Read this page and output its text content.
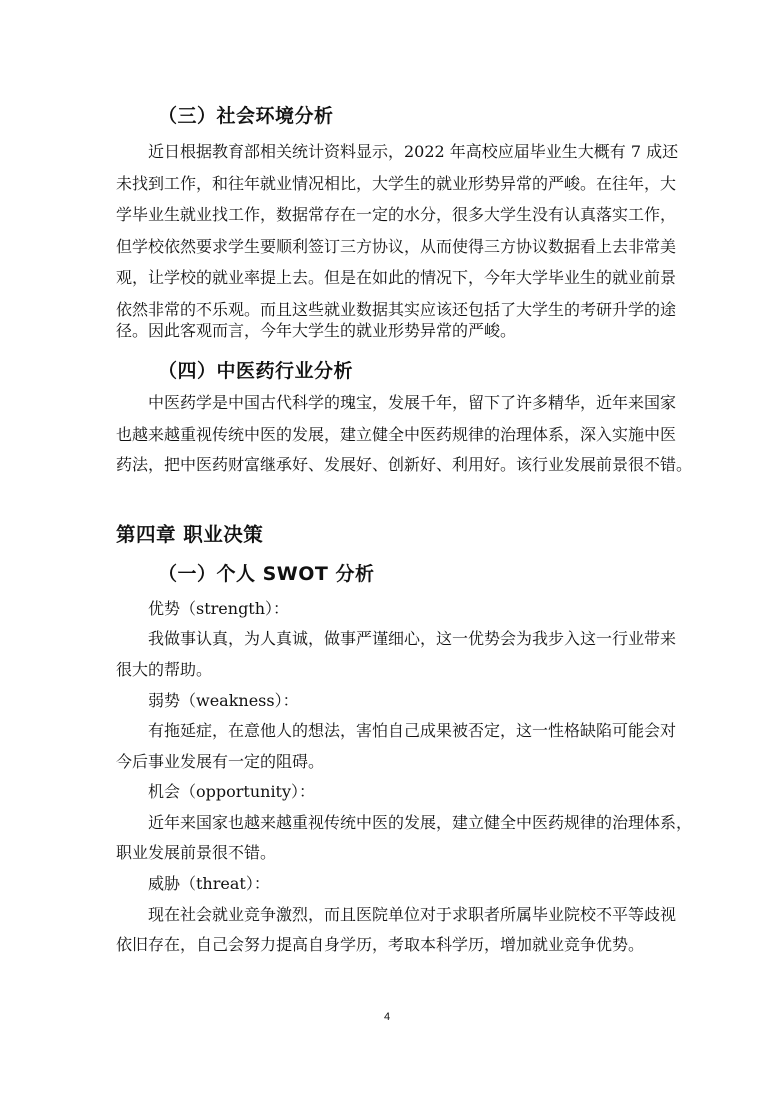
（三）社会环境分析
近日根据教育部相关统计资料显示，2022 年高校应届毕业生大概有 7 成还
未找到工作，和往年就业情况相比，大学生的就业形势异常的严峻。在往年，大
学毕业生就业找工作，数据常存在一定的水分，很多大学生没有认真落实工作，
但学校依然要求学生要顺利签订三方协议，从而使得三方协议数据看上去非常美
观，让学校的就业率提上去。但是在如此的情况下，今年大学毕业生的就业前景
依然非常的不乐观。而且这些就业数据其实应该还包括了大学生的考研升学的途
径。因此客观而言，今年大学生的就业形势异常的严峻。
（四）中医药行业分析
中医药学是中国古代科学的瑰宝，发展千年，留下了许多精华，近年来国家
也越来越重视传统中医的发展，建立健全中医药规律的治理体系，深入实施中医
药法，把中医药财富继承好、发展好、创新好、利用好。该行业发展前景很不错。
第四章 职业决策
（一）个人 SWOT 分析
优势（strength）：
我做事认真，为人真诚，做事严谨细心，这一优势会为我步入这一行业带来
很大的帮助。
弱势（weakness）：
有拖延症，在意他人的想法，害怕自己成果被否定，这一性格缺陷可能会对
今后事业发展有一定的阻碍。
机会（opportunity）：
近年来国家也越来越重视传统中医的发展，建立健全中医药规律的治理体系，
职业发展前景很不错。
威胁（threat）：
现在社会就业竞争激烈，而且医院单位对于求职者所属毕业院校不平等歧视
依旧存在，自己会努力提高自身学历，考取本科学历，增加就业竞争优势。
4
